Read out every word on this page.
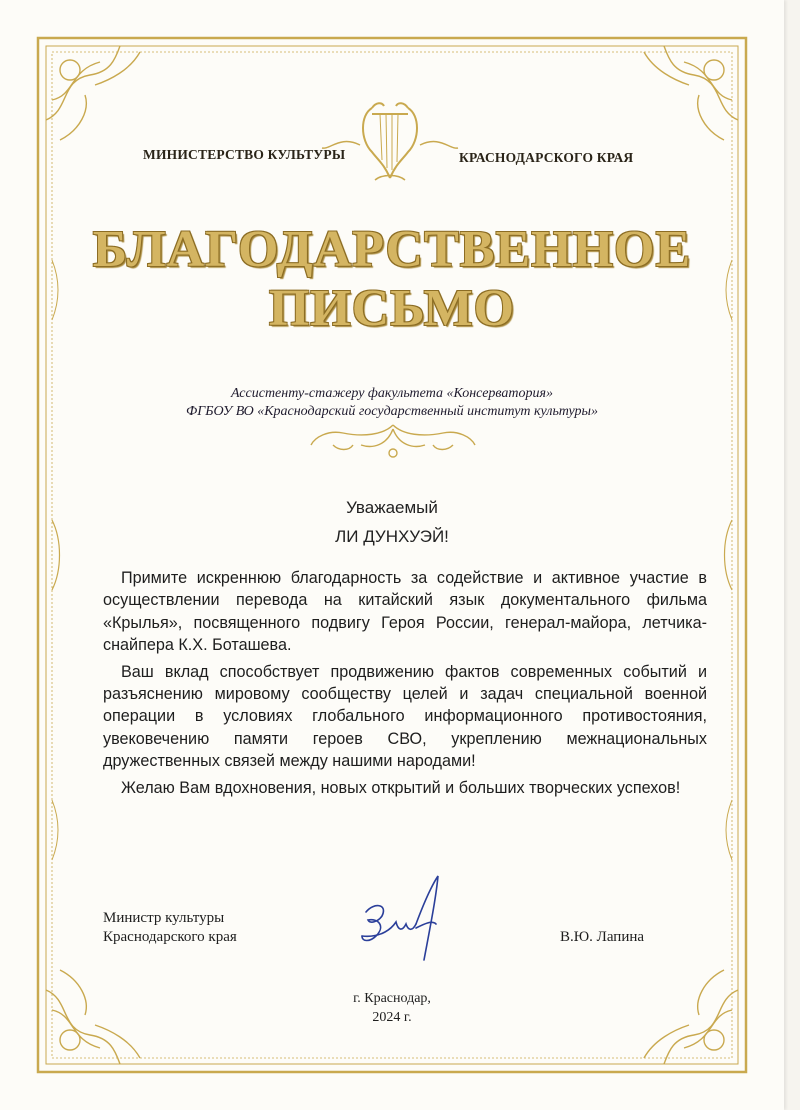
МИНИСТЕРСТВО КУЛЬТУРЫ	КРАСНОДАРСКОГО КРАЯ
БЛАГОДАРСТВЕННОЕ
ПИСЬМО
Ассистенту-стажеру факультета «Консерватория»
ФГБОУ ВО «Краснодарский государственный институт культуры»
Уважаемый
ЛИ ДУНХУЭЙ!

Примите искреннюю благодарность за содействие и активное участие в осуществлении перевода на китайский язык документального фильма «Крылья», посвященного подвигу Героя России, генерал-майора, летчика-снайпера К.Х. Боташева.

Ваш вклад способствует продвижению фактов современных событий и разъяснению мировому сообществу целей и задач специальной военной операции в условиях глобального информационного противостояния, увековечению памяти героев СВО, укреплению межнациональных дружественных связей между нашими народами!

Желаю Вам вдохновения, новых открытий и больших творческих успехов!

Министр культуры
Краснодарского края	В.Ю. Лапина
г. Краснодар,
2024 г.
